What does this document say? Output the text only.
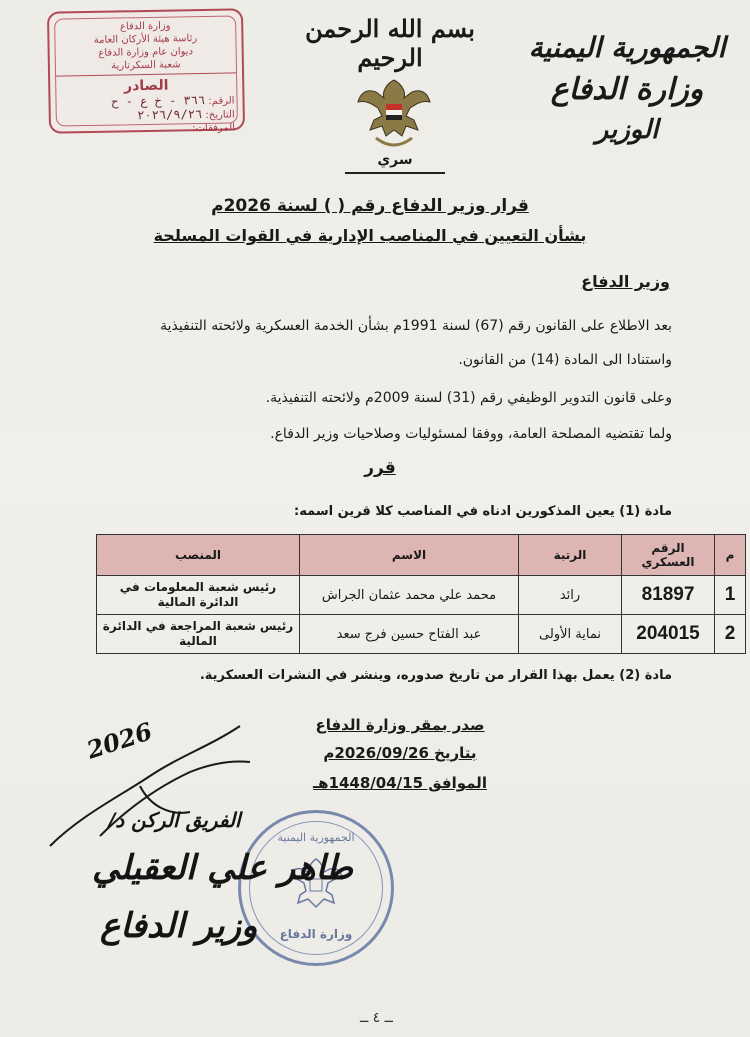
الجمهورية اليمنية
وزارة الدفاع
الوزير
بسم الله الرحمن الرحيم
سري
وزارة الدفاع
رئاسة هيئة الأركان العامة
ديوان عام وزارة الدفاع
شعبة السكرتارية
الصادر
الرقم: ٣٦٦ - خ ع - ح
التاريخ: ٢٠٢٦/٩/٢٦
المرفقات:
قرار وزير الدفاع رقم ( ) لسنة 2026م
بشأن التعيين في المناصب الإدارية في القوات المسلحة
وزير الدفاع
بعد الاطلاع على القانون رقم (67) لسنة 1991م بشأن الخدمة العسكرية ولائحته التنفيذية
واستنادا الى المادة (14) من القانون.
وعلى قانون التدوير الوظيفي رقم (31) لسنة 2009م ولائحته التنفيذية.
ولما تقتضيه المصلحة العامة، ووفقا لمسئوليات وصلاحيات وزير الدفاع.
قرر
مادة (1) يعين المذكورين ادناه في المناصب كلا قرين اسمه:
م	الرقم العسكري	الرتبة	الاسم	المنصب
1	81897	رائد	محمد علي محمد عثمان الجراش	رئيس شعبة المعلومات في الدائرة المالية
2	204015	نماية الأولى	عبد الفتاح حسين فرج سعد	رئيس شعبة المراجعة في الدائرة المالية
مادة (2) يعمل بهذا القرار من تاريخ صدوره، وينشر في النشرات العسكرية.
صدر بمقر وزارة الدفاع
بتاريخ 2026/09/26م
الموافق 1448/04/15هـ
الجمهورية اليمنية
وزارة الدفاع
2026
الفريق الركن د/
طاهر علي العقيلي
وزير الدفاع
ــ ٤ ــ
